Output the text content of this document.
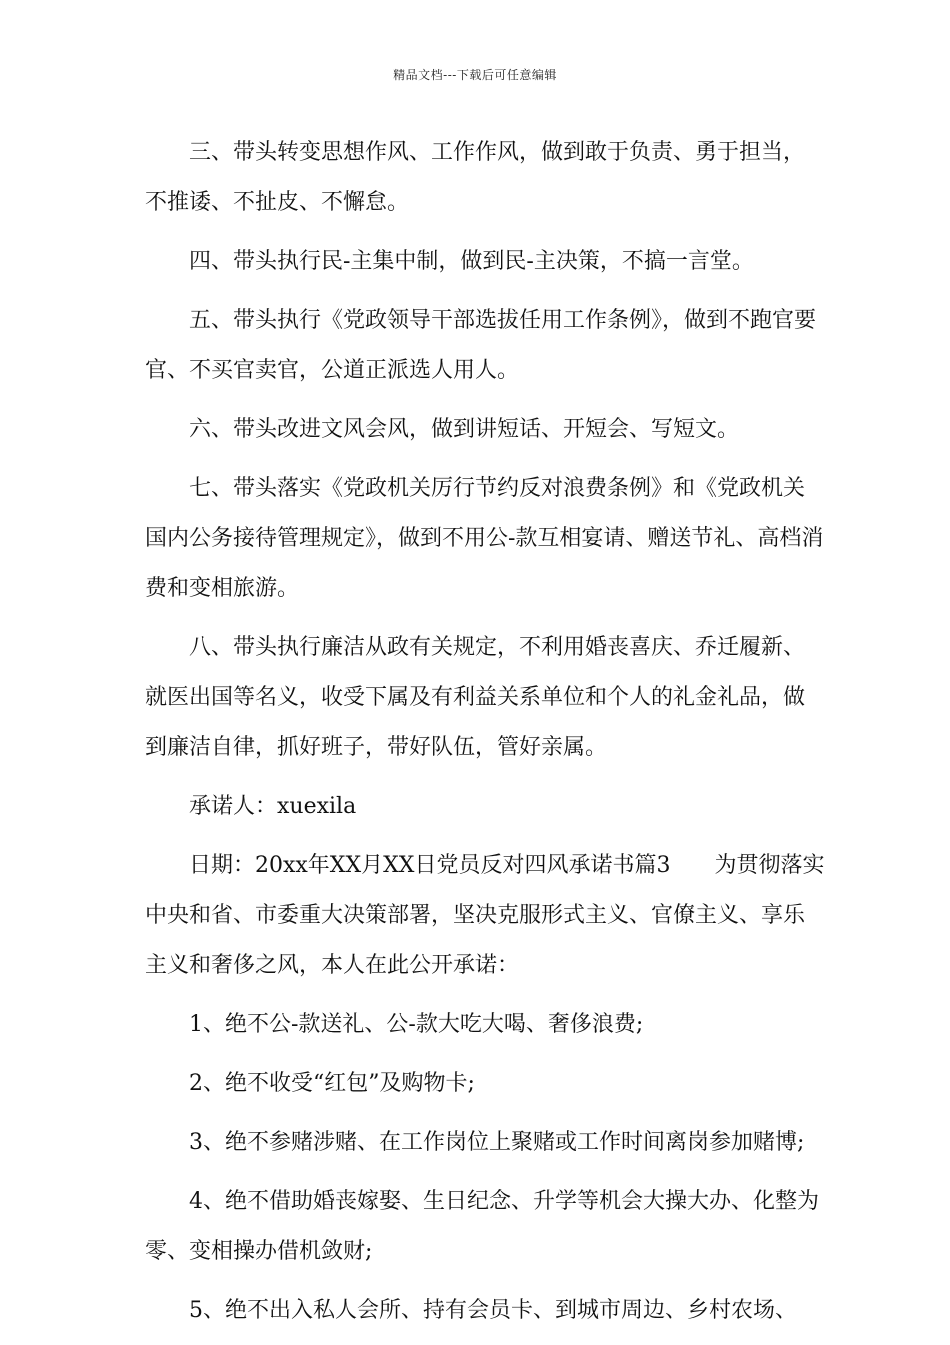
精品文档---下载后可任意编辑

三、带头转变思想作风、工作作风，做到敢于负责、勇于担当，不推诿、不扯皮、不懈怠。

四、带头执行民-主集中制，做到民-主决策，不搞一言堂。

五、带头执行《党政领导干部选拔任用工作条例》，做到不跑官要官、不买官卖官，公道正派选人用人。

六、带头改进文风会风，做到讲短话、开短会、写短文。

七、带头落实《党政机关厉行节约反对浪费条例》和《党政机关国内公务接待管理规定》，做到不用公-款互相宴请、赠送节礼、高档消费和变相旅游。

八、带头执行廉洁从政有关规定，不利用婚丧喜庆、乔迁履新、就医出国等名义，收受下属及有利益关系单位和个人的礼金礼品，做到廉洁自律，抓好班子，带好队伍，管好亲属。

承诺人：xuexila

日期：20xx年XX月XX日党员反对四风承诺书篇3　　为贯彻落实中央和省、市委重大决策部署，坚决克服形式主义、官僚主义、享乐主义和奢侈之风，本人在此公开承诺：

1、绝不公-款送礼、公-款大吃大喝、奢侈浪费;

2、绝不收受“红包”及购物卡;

3、绝不参赌涉赌、在工作岗位上聚赌或工作时间离岗参加赌博;

4、绝不借助婚丧嫁娶、生日纪念、升学等机会大操大办、化整为零、变相操办借机敛财;

5、绝不出入私人会所、持有会员卡、到城市周边、乡村农场、
